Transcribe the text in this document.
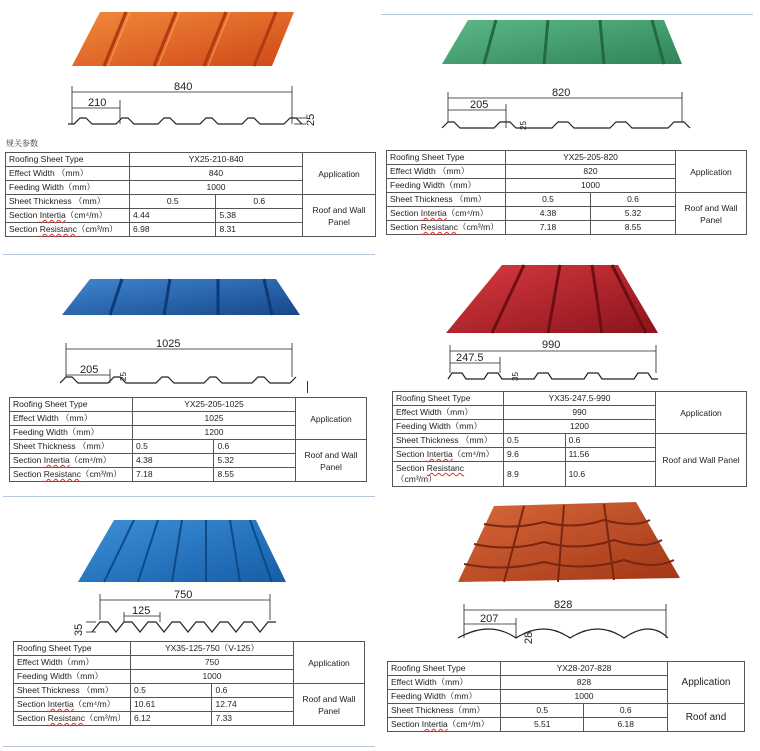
840
210
25
规关参数
Roofing Sheet Type	YX25-210-840		Application
Effect Width （mm）	840		
Feeding Width（mm）	1000		
Sheet Thickness （mm）	0.5	0.6	Roof and Wall Panel
Section Intertia（cm⁴/m）	4.44	5.38	
Section Resistanc（cm³/m）	6.98	8.31	
820
205
25
Roofing Sheet Type	YX25-205-820		Application
Effect Width （mm）	820		
Feeding Width（mm）	1000		
Sheet Thickness （mm）	0.5	0.6	Roof and Wall Panel
Section Intertia（cm⁴/m）	4.38	5.32	
Section Resistanc（cm³/m）	7.18	8.55	
1025
205
25
Roofing Sheet Type	YX25-205-1025		Application
Effect Width （mm）	1025		
Feeding Width（mm）	1200		
Sheet Thickness （mm）	0.5	0.6	Roof and Wall Panel
Section Intertia（cm⁴/m）	4.38	5.32	
Section Resistanc（cm³/m）	7.18	8.55	
990
247.5
35
Roofing Sheet Type	YX35-247.5-990		Application
Effect Width（mm）	990		
Feeding Width（mm）	1200		
Sheet Thickness （mm）	0.5	0.6	Roof and Wall Panel
Section Intertia（cm⁴/m）	9.6	11.56	
Section Resistanc（cm³/m）	8.9	10.6	
750
125
35
Roofing Sheet Type	YX35-125-750（V-125）		Application
Effect Width（mm）	750		
Feeding Width（mm）	1000		
Sheet Thickness （mm）	0.5	0.6	Roof and Wall Panel
Section Intertia（cm⁴/m）	10.61	12.74	
Section Resistanc（cm³/m）	6.12	7.33	
828
207
28
Roofing Sheet Type	YX28-207-828		Application
Effect Width（mm）	828		
Feeding Width（mm）	1000		
Sheet Thickness（mm）	0.5	0.6	Roof and
Section Intertia（cm⁴/m）	5.51	6.18	
